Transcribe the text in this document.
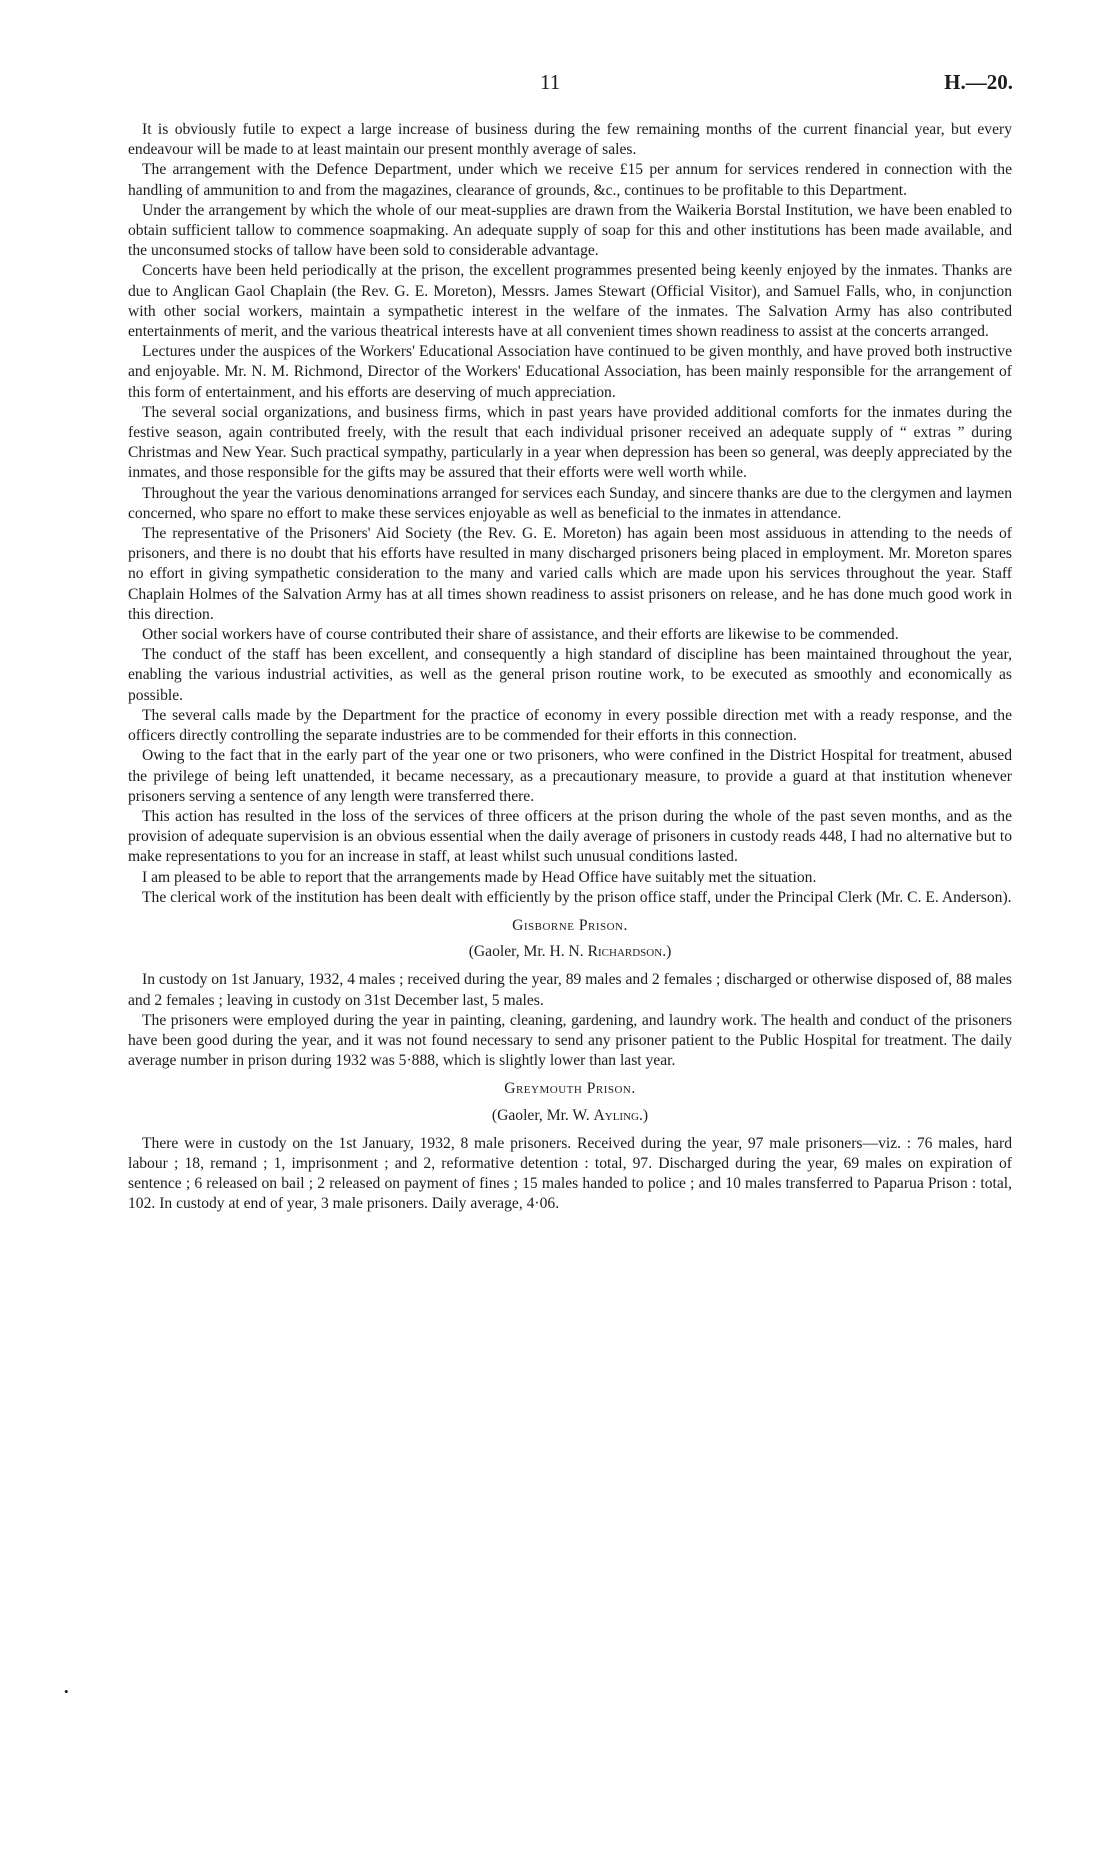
11	H.—20.
•

It is obviously futile to expect a large increase of business during the few remaining months of the current financial year, but every endeavour will be made to at least maintain our present monthly average of sales.

The arrangement with the Defence Department, under which we receive £15 per annum for services rendered in connection with the handling of ammunition to and from the magazines, clearance of grounds, &c., continues to be profitable to this Department.

Under the arrangement by which the whole of our meat-supplies are drawn from the Waikeria Borstal Institution, we have been enabled to obtain sufficient tallow to commence soapmaking. An adequate supply of soap for this and other institutions has been made available, and the unconsumed stocks of tallow have been sold to considerable advantage.

Concerts have been held periodically at the prison, the excellent programmes presented being keenly enjoyed by the inmates. Thanks are due to Anglican Gaol Chaplain (the Rev. G. E. Moreton), Messrs. James Stewart (Official Visitor), and Samuel Falls, who, in conjunction with other social workers, maintain a sympathetic interest in the welfare of the inmates. The Salvation Army has also contributed entertainments of merit, and the various theatrical interests have at all convenient times shown readiness to assist at the concerts arranged.

Lectures under the auspices of the Workers' Educational Association have continued to be given monthly, and have proved both instructive and enjoyable. Mr. N. M. Richmond, Director of the Workers' Educational Association, has been mainly responsible for the arrangement of this form of entertainment, and his efforts are deserving of much appreciation.

The several social organizations, and business firms, which in past years have provided additional comforts for the inmates during the festive season, again contributed freely, with the result that each individual prisoner received an adequate supply of “ extras ” during Christmas and New Year. Such practical sympathy, particularly in a year when depression has been so general, was deeply appreciated by the inmates, and those responsible for the gifts may be assured that their efforts were well worth while.

Throughout the year the various denominations arranged for services each Sunday, and sincere thanks are due to the clergymen and laymen concerned, who spare no effort to make these services enjoyable as well as beneficial to the inmates in attendance.

The representative of the Prisoners' Aid Society (the Rev. G. E. Moreton) has again been most assiduous in attending to the needs of prisoners, and there is no doubt that his efforts have resulted in many discharged prisoners being placed in employment. Mr. Moreton spares no effort in giving sympathetic consideration to the many and varied calls which are made upon his services throughout the year. Staff Chaplain Holmes of the Salvation Army has at all times shown readiness to assist prisoners on release, and he has done much good work in this direction.

Other social workers have of course contributed their share of assistance, and their efforts are likewise to be commended.

The conduct of the staff has been excellent, and consequently a high standard of discipline has been maintained throughout the year, enabling the various industrial activities, as well as the general prison routine work, to be executed as smoothly and economically as possible.

The several calls made by the Department for the practice of economy in every possible direction met with a ready response, and the officers directly controlling the separate industries are to be commended for their efforts in this connection.

Owing to the fact that in the early part of the year one or two prisoners, who were confined in the District Hospital for treatment, abused the privilege of being left unattended, it became necessary, as a precautionary measure, to provide a guard at that institution whenever prisoners serving a sentence of any length were transferred there.

This action has resulted in the loss of the services of three officers at the prison during the whole of the past seven months, and as the provision of adequate supervision is an obvious essential when the daily average of prisoners in custody reads 448, I had no alternative but to make representations to you for an increase in staff, at least whilst such unusual conditions lasted.

I am pleased to be able to report that the arrangements made by Head Office have suitably met the situation.

The clerical work of the institution has been dealt with efficiently by the prison office staff, under the Principal Clerk (Mr. C. E. Anderson).

Gisborne Prison.

(Gaoler, Mr. H. N. Richardson.)

In custody on 1st January, 1932, 4 males ; received during the year, 89 males and 2 females ; discharged or otherwise disposed of, 88 males and 2 females ; leaving in custody on 31st December last, 5 males.

The prisoners were employed during the year in painting, cleaning, gardening, and laundry work. The health and conduct of the prisoners have been good during the year, and it was not found necessary to send any prisoner patient to the Public Hospital for treatment. The daily average number in prison during 1932 was 5·888, which is slightly lower than last year.

Greymouth Prison.

(Gaoler, Mr. W. Ayling.)

There were in custody on the 1st January, 1932, 8 male prisoners. Received during the year, 97 male prisoners—viz. : 76 males, hard labour ; 18, remand ; 1, imprisonment ; and 2, reformative detention : total, 97. Discharged during the year, 69 males on expiration of sentence ; 6 released on bail ; 2 released on payment of fines ; 15 males handed to police ; and 10 males transferred to Paparua Prison : total, 102. In custody at end of year, 3 male prisoners. Daily average, 4·06.
